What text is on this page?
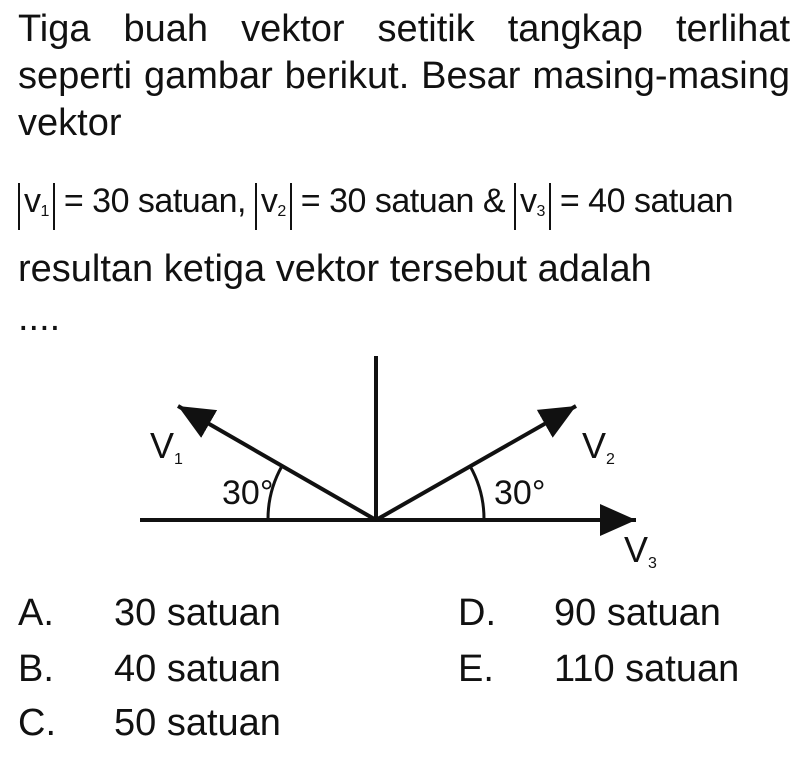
Tiga buah vektor setitik tangkap terlihat seperti gambar berikut. Besar masing-masing vektor
$v_1 = 30$ satuan, $v_2 = 30$ satuan & $v_3 = 40$ satuan
resultan ketiga vektor tersebut adalah
....
V1	V2
V3
30°	30°
A. 30 satuan
B. 40 satuan
C. 50 satuan
D. 90 satuan
E. 110 satuan
